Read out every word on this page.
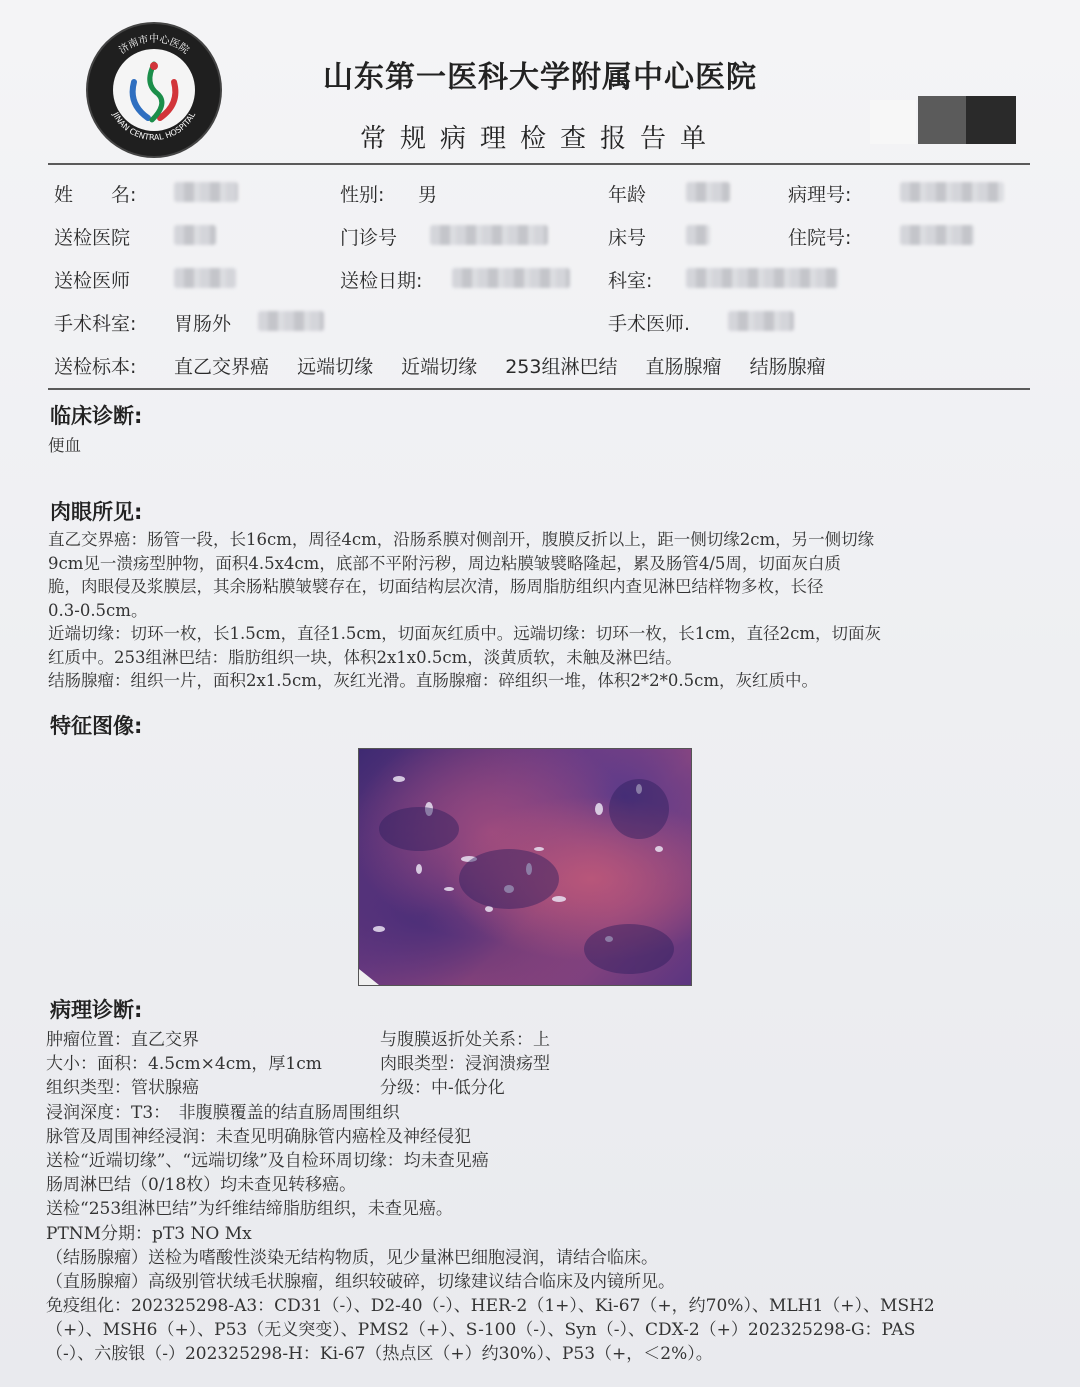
济南市中心医院
JINAN CENTRAL HOSPITAL
山东第一医科大学附属中心医院
常规病理检查报告单
姓　　名:	性别: 男	年龄	病理号:
送检医院	门诊号	床号	住院号:
送检医师	送检日期:	科室:
手术科室: 胃肠外	手术医师.
送检标本: 直乙交界癌 远端切缘 近端切缘 253组淋巴结 直肠腺瘤 结肠腺瘤
临床诊断:

便血

肉眼所见:

直乙交界癌：肠管一段，长16cm，周径4cm，沿肠系膜对侧剖开，腹膜反折以上，距一侧切缘2cm，另一侧切缘

9cm见一溃疡型肿物，面积4.5x4cm，底部不平附污秽，周边粘膜皱襞略隆起，累及肠管4/5周，切面灰白质

脆，肉眼侵及浆膜层，其余肠粘膜皱襞存在，切面结构层次清，肠周脂肪组织内查见淋巴结样物多枚，长径

0.3-0.5cm。

近端切缘：切环一枚，长1.5cm，直径1.5cm，切面灰红质中。远端切缘：切环一枚，长1cm，直径2cm，切面灰

红质中。253组淋巴结：脂肪组织一块，体积2x1x0.5cm，淡黄质软，未触及淋巴结。

结肠腺瘤：组织一片，面积2x1.5cm，灰红光滑。直肠腺瘤：碎组织一堆，体积2*2*0.5cm，灰红质中。

特征图像:
病理诊断:
肿瘤位置：直乙交界	与腹膜返折处关系：上
大小：面积：4.5cm×4cm，厚1cm	肉眼类型：浸润溃疡型
组织类型：管状腺癌	分级：中-低分化
浸润深度：T3：　非腹膜覆盖的结直肠周围组织
脉管及周围神经浸润：未查见明确脉管内癌栓及神经侵犯
送检“近端切缘”、“远端切缘”及自检环周切缘：均未查见癌
肠周淋巴结（0/18枚）均未查见转移癌。
送检“253组淋巴结”为纤维结缔脂肪组织，未查见癌。
PTNM分期：pT3 NO Mx
（结肠腺瘤）送检为嗜酸性淡染无结构物质，见少量淋巴细胞浸润，请结合临床。
（直肠腺瘤）高级别管状绒毛状腺瘤，组织较破碎，切缘建议结合临床及内镜所见。
免疫组化：202325298-A3：CD31（-）、D2-40（-）、HER-2（1+）、Ki-67（+，约70%）、MLH1（+）、MSH2
（+）、MSH6（+）、P53（无义突变）、PMS2（+）、S-100（-）、Syn（-）、CDX-2（+）202325298-G：PAS
（-）、六胺银（-）202325298-H：Ki-67（热点区（+）约30%）、P53（+，＜2%）。
